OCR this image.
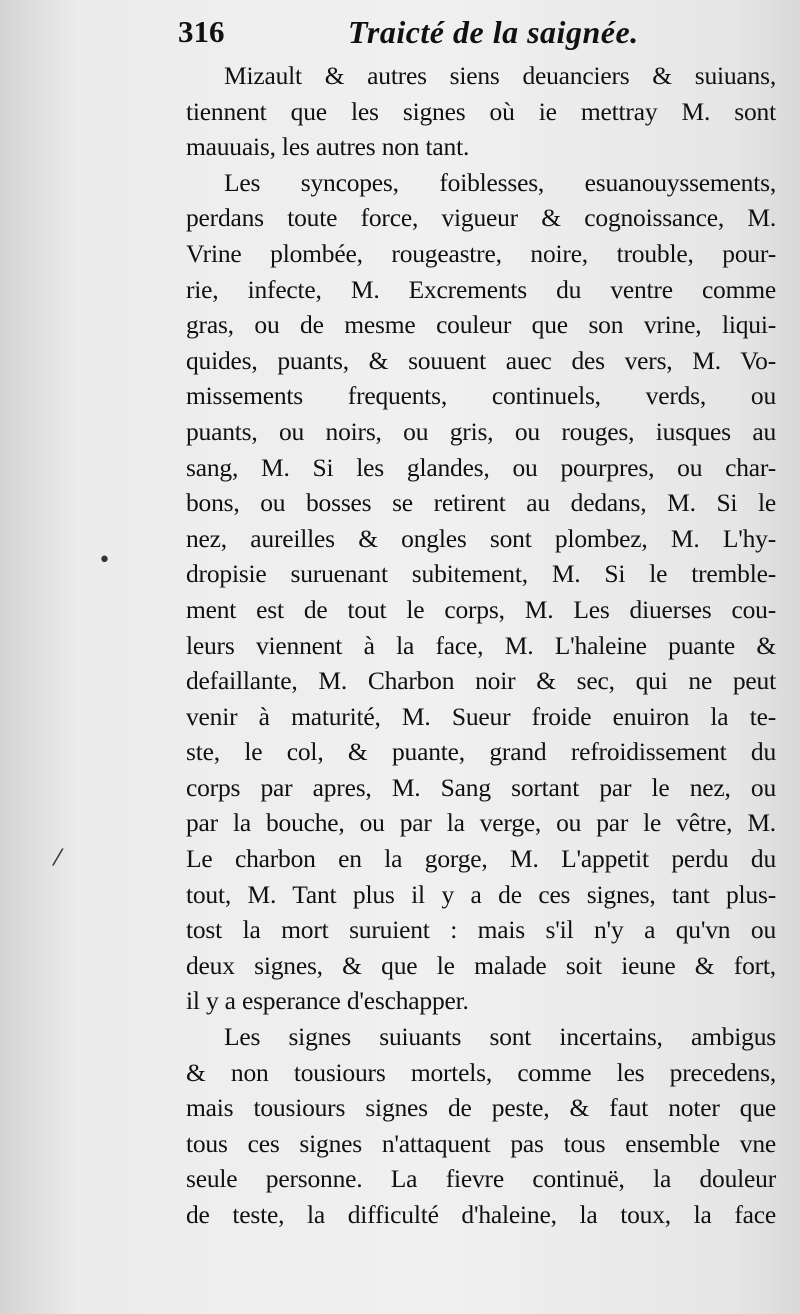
316	Traicté de la saignée.
Mizault & autres siens deuanciers & suiuans,
tiennent que les signes où ie mettray M. sont
mauuais, les autres non tant.
Les syncopes, foiblesses, esuanouyssements,
perdans toute force, vigueur & cognoissance, M.
Vrine plombée, rougeastre, noire, trouble, pour-
rie, infecte, M. Excrements du ventre comme
gras, ou de mesme couleur que son vrine, liqui-
quides, puants, & souuent auec des vers, M. Vo-
missements frequents, continuels, verds, ou
puants, ou noirs, ou gris, ou rouges, iusques au
sang, M. Si les glandes, ou pourpres, ou char-
bons, ou bosses se retirent au dedans, M. Si le
nez, aureilles & ongles sont plombez, M. L'hy-
dropisie suruenant subitement, M. Si le tremble-
ment est de tout le corps, M. Les diuerses cou-
leurs viennent à la face, M. L'haleine puante &
defaillante, M. Charbon noir & sec, qui ne peut
venir à maturité, M. Sueur froide enuiron la te-
ste, le col, & puante, grand refroidissement du
corps par apres, M. Sang sortant par le nez, ou
par la bouche, ou par la verge, ou par le vêtre, M.
Le charbon en la gorge, M. L'appetit perdu du
tout, M. Tant plus il y a de ces signes, tant plus-
tost la mort suruient : mais s'il n'y a qu'vn ou
deux signes, & que le malade soit ieune & fort,
il y a esperance d'eschapper.
Les signes suiuants sont incertains, ambigus
& non tousiours mortels, comme les precedens,
mais tousiours signes de peste, & faut noter que
tous ces signes n'attaquent pas tous ensemble vne
seule personne. La fievre continuë, la douleur
de teste, la difficulté d'haleine, la toux, la face
•
⁄
